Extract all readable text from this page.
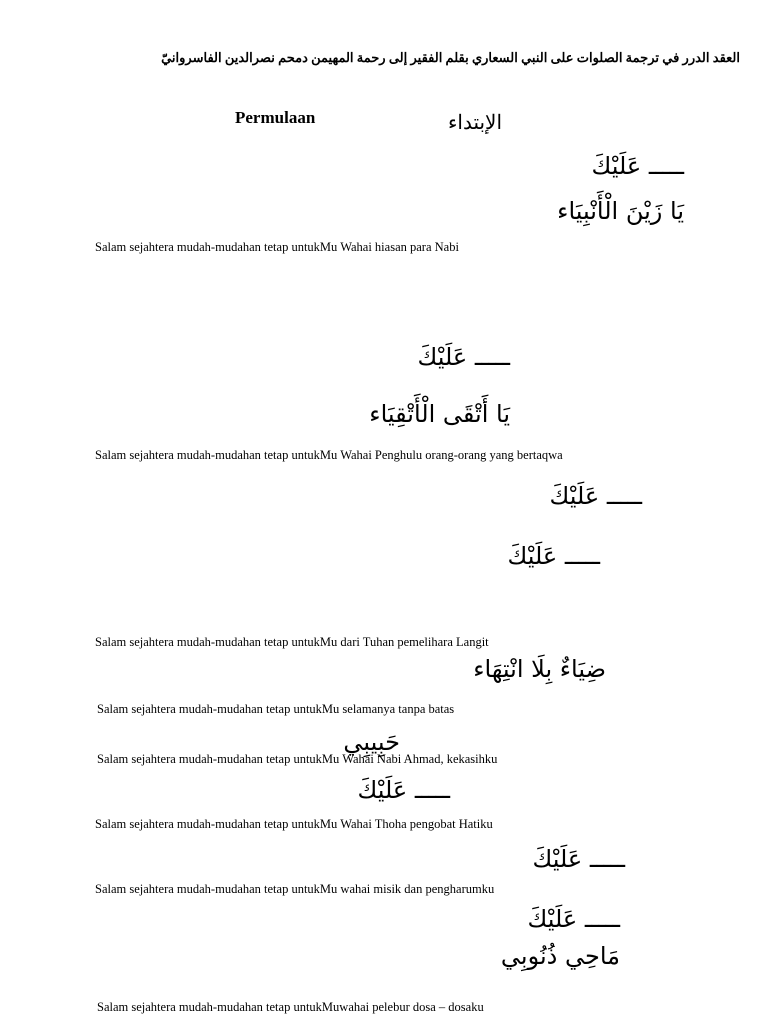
العقد الدرر في ترجمة الصلوات على النبي السعاري بقلم الفقير إلى رحمة المهيمن دمحم نصرالدين الفاسروانيّ
Permulaan	الإبتداء
ـــــ عَلَيْكَ
يَا زَيْنَ الْأَنْبِيَاء
Salam sejahtera mudah-mudahan tetap untukMu Wahai hiasan para Nabi
ـــــ عَلَيْكَ
يَا أَتْقَى الْأَتْقِيَاء
Salam sejahtera mudah-mudahan tetap untukMu Wahai Penghulu orang-orang yang bertaqwa
ـــــ عَلَيْكَ
ـــــ عَلَيْكَ
Salam sejahtera mudah-mudahan tetap untukMu dari Tuhan pemelihara Langit
ضِيَاءٌ بِلَا انْتِهَاء
Salam sejahtera mudah-mudahan tetap untukMu selamanya tanpa batas
حَبِيبِي
Salam sejahtera mudah-mudahan tetap untukMu Wahai Nabi Ahmad, kekasihku
ـــــ عَلَيْكَ
Salam sejahtera mudah-mudahan tetap untukMu Wahai Thoha pengobat Hatiku
ـــــ عَلَيْكَ
Salam sejahtera mudah-mudahan tetap untukMu wahai misik dan pengharumku
ـــــ عَلَيْكَ
مَاحِي ذُنُوبِي
Salam sejahtera mudah-mudahan tetap untukMuwahai pelebur dosa – dosaku
